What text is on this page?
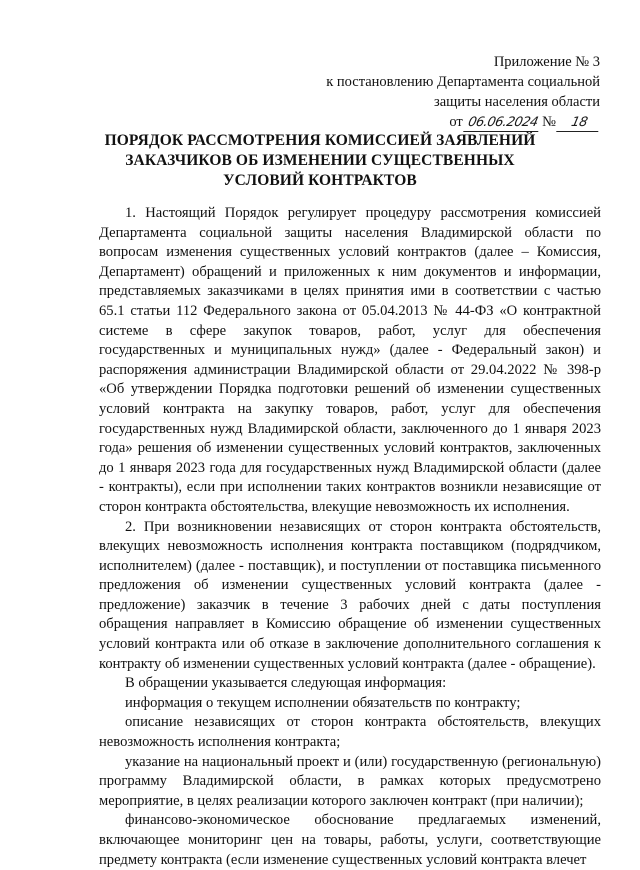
Приложение № 3
к постановлению Департамента социальной
защиты населения области
от 06.06.2024 №	18
ПОРЯДОК РАССМОТРЕНИЯ КОМИССИЕЙ ЗАЯВЛЕНИЙ ЗАКАЗЧИКОВ ОБ ИЗМЕНЕНИИ СУЩЕСТВЕННЫХ УСЛОВИЙ КОНТРАКТОВ

1. Настоящий Порядок регулирует процедуру рассмотрения комиссией Департамента социальной защиты населения Владимирской области по вопросам изменения существенных условий контрактов (далее – Комиссия, Департамент) обращений и приложенных к ним документов и информации, представляемых заказчиками в целях принятия ими в соответствии с частью 65.1 статьи 112 Федерального закона от 05.04.2013 № 44-ФЗ «О контрактной системе в сфере закупок товаров, работ, услуг для обеспечения государственных и муниципальных нужд» (далее - Федеральный закон) и распоряжения администрации Владимирской области от 29.04.2022 № 398-р «Об утверждении Порядка подготовки решений об изменении существенных условий контракта на закупку товаров, работ, услуг для обеспечения государственных нужд Владимирской области, заключенного до 1 января 2023 года» решения об изменении существенных условий контрактов, заключенных до 1 января 2023 года для государственных нужд Владимирской области (далее - контракты), если при исполнении таких контрактов возникли независящие от сторон контракта обстоятельства, влекущие невозможность их исполнения.

2. При возникновении независящих от сторон контракта обстоятельств, влекущих невозможность исполнения контракта поставщиком (подрядчиком, исполнителем) (далее - поставщик), и поступлении от поставщика письменного предложения об изменении существенных условий контракта (далее - предложение) заказчик в течение 3 рабочих дней с даты поступления обращения направляет в Комиссию обращение об изменении существенных условий контракта или об отказе в заключение дополнительного соглашения к контракту об изменении существенных условий контракта (далее - обращение).

В обращении указывается следующая информация:

информация о текущем исполнении обязательств по контракту;

описание независящих от сторон контракта обстоятельств, влекущих невозможность исполнения контракта;

указание на национальный проект и (или) государственную (региональную) программу Владимирской области, в рамках которых предусмотрено мероприятие, в целях реализации которого заключен контракт (при наличии);

финансово-экономическое обоснование предлагаемых изменений, включающее мониторинг цен на товары, работы, услуги, соответствующие предмету контракта (если изменение существенных условий контракта влечет
